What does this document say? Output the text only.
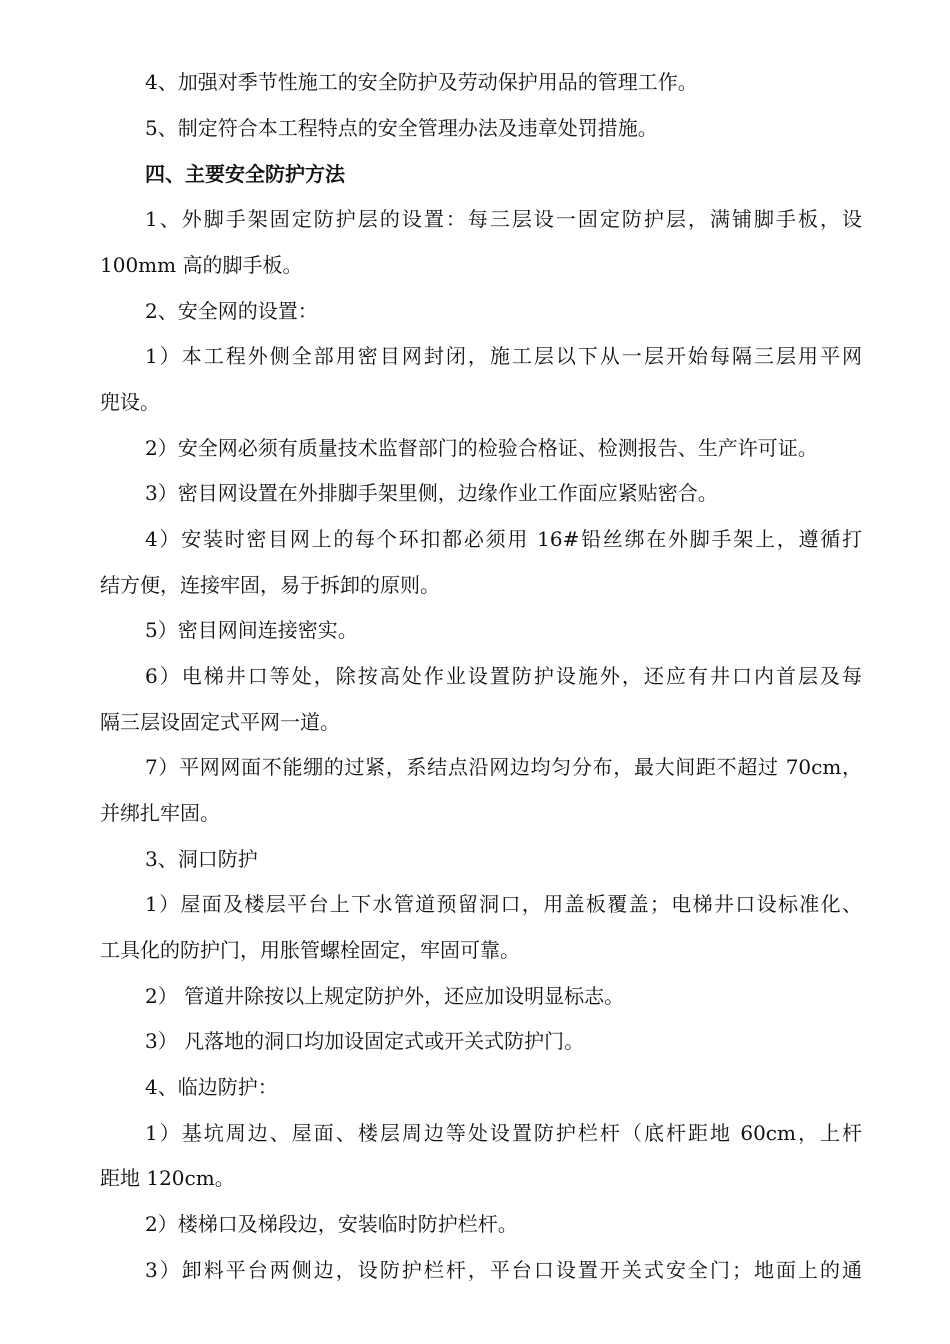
4、加强对季节性施工的安全防护及劳动保护用品的管理工作。
5、制定符合本工程特点的安全管理办法及违章处罚措施。
四、主要安全防护方法
1、外脚手架固定防护层的设置：每三层设一固定防护层，满铺脚手板，设
100mm 高的脚手板。
2、安全网的设置：
1）本工程外侧全部用密目网封闭，施工层以下从一层开始每隔三层用平网
兜设。
2）安全网必须有质量技术监督部门的检验合格证、检测报告、生产许可证。
3）密目网设置在外排脚手架里侧，边缘作业工作面应紧贴密合。
4）安装时密目网上的每个环扣都必须用 16#铅丝绑在外脚手架上，遵循打
结方便，连接牢固，易于拆卸的原则。
5）密目网间连接密实。
6）电梯井口等处，除按高处作业设置防护设施外，还应有井口内首层及每
隔三层设固定式平网一道。
7）平网网面不能绷的过紧，系结点沿网边均匀分布，最大间距不超过 70cm，
并绑扎牢固。
3、洞口防护
1）屋面及楼层平台上下水管道预留洞口，用盖板覆盖；电梯井口设标准化、
工具化的防护门，用胀管螺栓固定，牢固可靠。
2） 管道井除按以上规定防护外，还应加设明显标志。
3） 凡落地的洞口均加设固定式或开关式防护门。
4、临边防护：
1）基坑周边、屋面、楼层周边等处设置防护栏杆（底杆距地 60cm，上杆
距地 120cm。
2）楼梯口及梯段边，安装临时防护栏杆。
3）卸料平台两侧边，设防护栏杆，平台口设置开关式安全门；地面上的通
